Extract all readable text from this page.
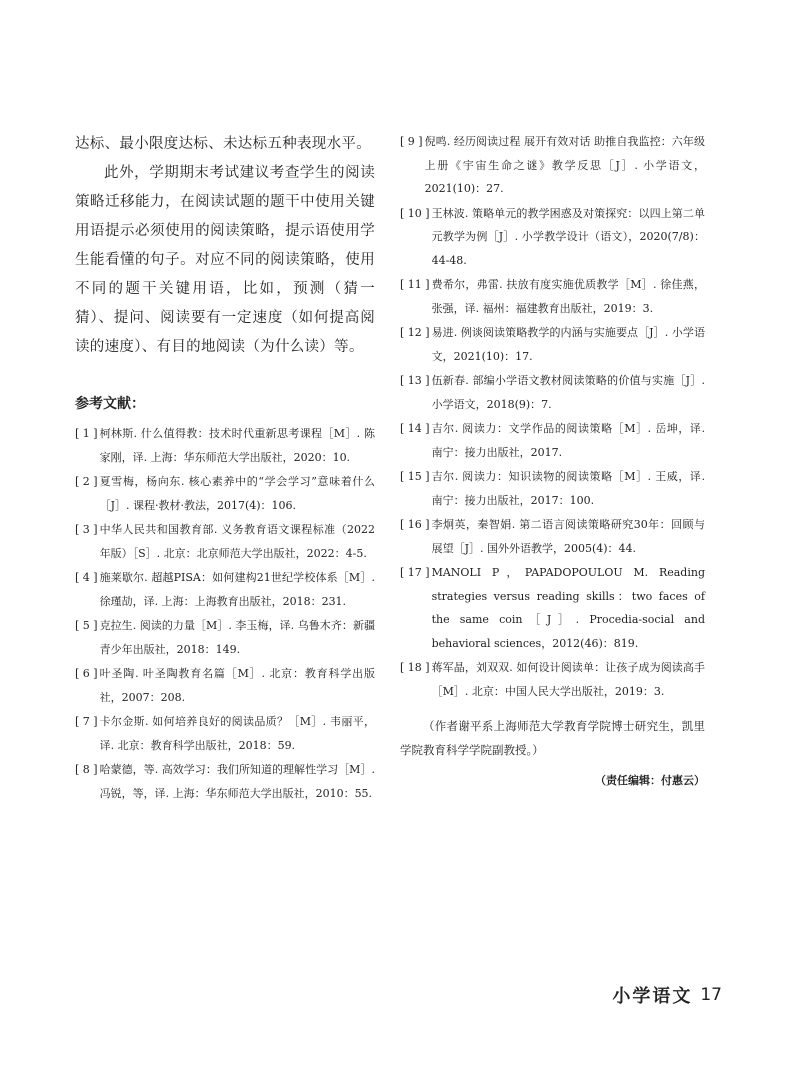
达标、最小限度达标、未达标五种表现水平。

此外，学期期末考试建议考查学生的阅读策略迁移能力，在阅读试题的题干中使用关键用语提示必须使用的阅读策略，提示语使用学生能看懂的句子。对应不同的阅读策略，使用不同的题干关键用语，比如，预测（猜一猜）、提问、阅读要有一定速度（如何提高阅读的速度）、有目的地阅读（为什么读）等。

参考文献：
[ 1 ] 柯林斯. 什么值得教：技术时代重新思考课程［M］. 陈家刚，译. 上海：华东师范大学出版社，2020：10.
[ 2 ] 夏雪梅，杨向东. 核心素养中的“学会学习”意味着什么［J］. 课程·教材·教法，2017(4)：106.
[ 3 ] 中华人民共和国教育部. 义务教育语文课程标准（2022年版）［S］. 北京：北京师范大学出版社，2022：4-5.
[ 4 ] 施莱歇尔. 超越PISA：如何建构21世纪学校体系［M］. 徐瑾劼，译. 上海：上海教育出版社，2018：231.
[ 5 ] 克拉生. 阅读的力量［M］. 李玉梅，译. 乌鲁木齐：新疆青少年出版社，2018：149.
[ 6 ] 叶圣陶. 叶圣陶教育名篇［M］. 北京：教育科学出版社，2007：208.
[ 7 ] 卡尔金斯. 如何培养良好的阅读品质？［M］. 韦丽平，译. 北京：教育科学出版社，2018：59.
[ 8 ] 哈蒙德，等. 高效学习：我们所知道的理解性学习［M］. 冯锐，等，译. 上海：华东师范大学出版社，2010：55.
[ 9 ] 倪鸣. 经历阅读过程 展开有效对话 助推自我监控：六年级上册《宇宙生命之谜》教学反思［J］. 小学语文，2021(10)：27.
[ 10 ] 王林波. 策略单元的教学困惑及对策探究：以四上第二单元教学为例［J］. 小学教学设计（语文），2020(7/8)：44-48.
[ 11 ] 费希尔，弗雷. 扶放有度实施优质教学［M］. 徐佳燕，张强，译. 福州：福建教育出版社，2019：3.
[ 12 ] 易进. 例谈阅读策略教学的内涵与实施要点［J］. 小学语文，2021(10)：17.
[ 13 ] 伍新春. 部编小学语文教材阅读策略的价值与实施［J］. 小学语文，2018(9)：7.
[ 14 ] 吉尔. 阅读力：文学作品的阅读策略［M］. 岳坤，译. 南宁：接力出版社，2017.
[ 15 ] 吉尔. 阅读力：知识读物的阅读策略［M］. 王威，译. 南宁：接力出版社，2017：100.
[ 16 ] 李炯英，秦智娟. 第二语言阅读策略研究30年：回顾与展望［J］. 国外外语教学，2005(4)：44.
[ 17 ] MANOLI P，PAPADOPOULOU M. Reading strategies versus reading skills：two faces of the same coin［J］. Procedia-social and behavioral sciences，2012(46)：819.
[ 18 ] 蒋军晶，刘双双. 如何设计阅读单：让孩子成为阅读高手［M］. 北京：中国人民大学出版社，2019：3.

（作者谢平系上海师范大学教育学院博士研究生，凯里学院教育科学学院副教授。）

（责任编辑：付惠云）
小学语文 17
